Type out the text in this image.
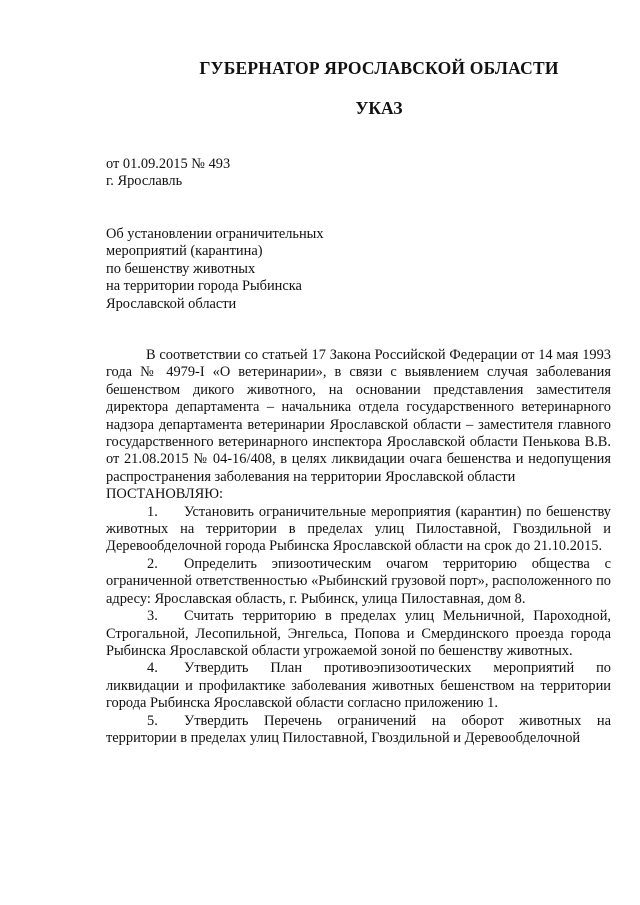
ГУБЕРНАТОР ЯРОСЛАВСКОЙ ОБЛАСТИ
УКАЗ
от 01.09.2015 № 493
г. Ярославль
Об установлении ограничительных
мероприятий (карантина)
по бешенству животных
на территории города Рыбинска
Ярославской области

В соответствии со статьей 17 Закона Российской Федерации от 14 мая 1993 года № 4979-I «О ветеринарии», в связи с выявлением случая заболевания бешенством дикого животного, на основании представления заместителя директора департамента – начальника отдела государственного ветеринарного надзора департамента ветеринарии Ярославской области – заместителя главного государственного ветеринарного инспектора Ярославской области Пенькова В.В. от 21.08.2015 № 04-16/408, в целях ликвидации очага бешенства и недопущения распространения заболевания на территории Ярославской области

ПОСТАНОВЛЯЮ:

1.	Установить ограничительные мероприятия (карантин) по бешенству животных на территории в пределах улиц Пилоставной, Гвоздильной и Деревообделочной города Рыбинска Ярославской области на срок до 21.10.2015.

2.	Определить эпизоотическим очагом территорию общества с ограниченной ответственностью «Рыбинский грузовой порт», расположенного по адресу: Ярославская область, г. Рыбинск, улица Пилоставная, дом 8.

3.	Считать территорию в пределах улиц Мельничной, Пароходной, Строгальной, Лесопильной, Энгельса, Попова и Смердинского проезда города Рыбинска Ярославской области угрожаемой зоной по бешенству животных.

4.	Утвердить План противоэпизоотических мероприятий по ликвидации и профилактике заболевания животных бешенством на территории города Рыбинска Ярославской области согласно приложению 1.

5.	Утвердить Перечень ограничений на оборот животных на территории в пределах улиц Пилоставной, Гвоздильной и Деревообделочной
